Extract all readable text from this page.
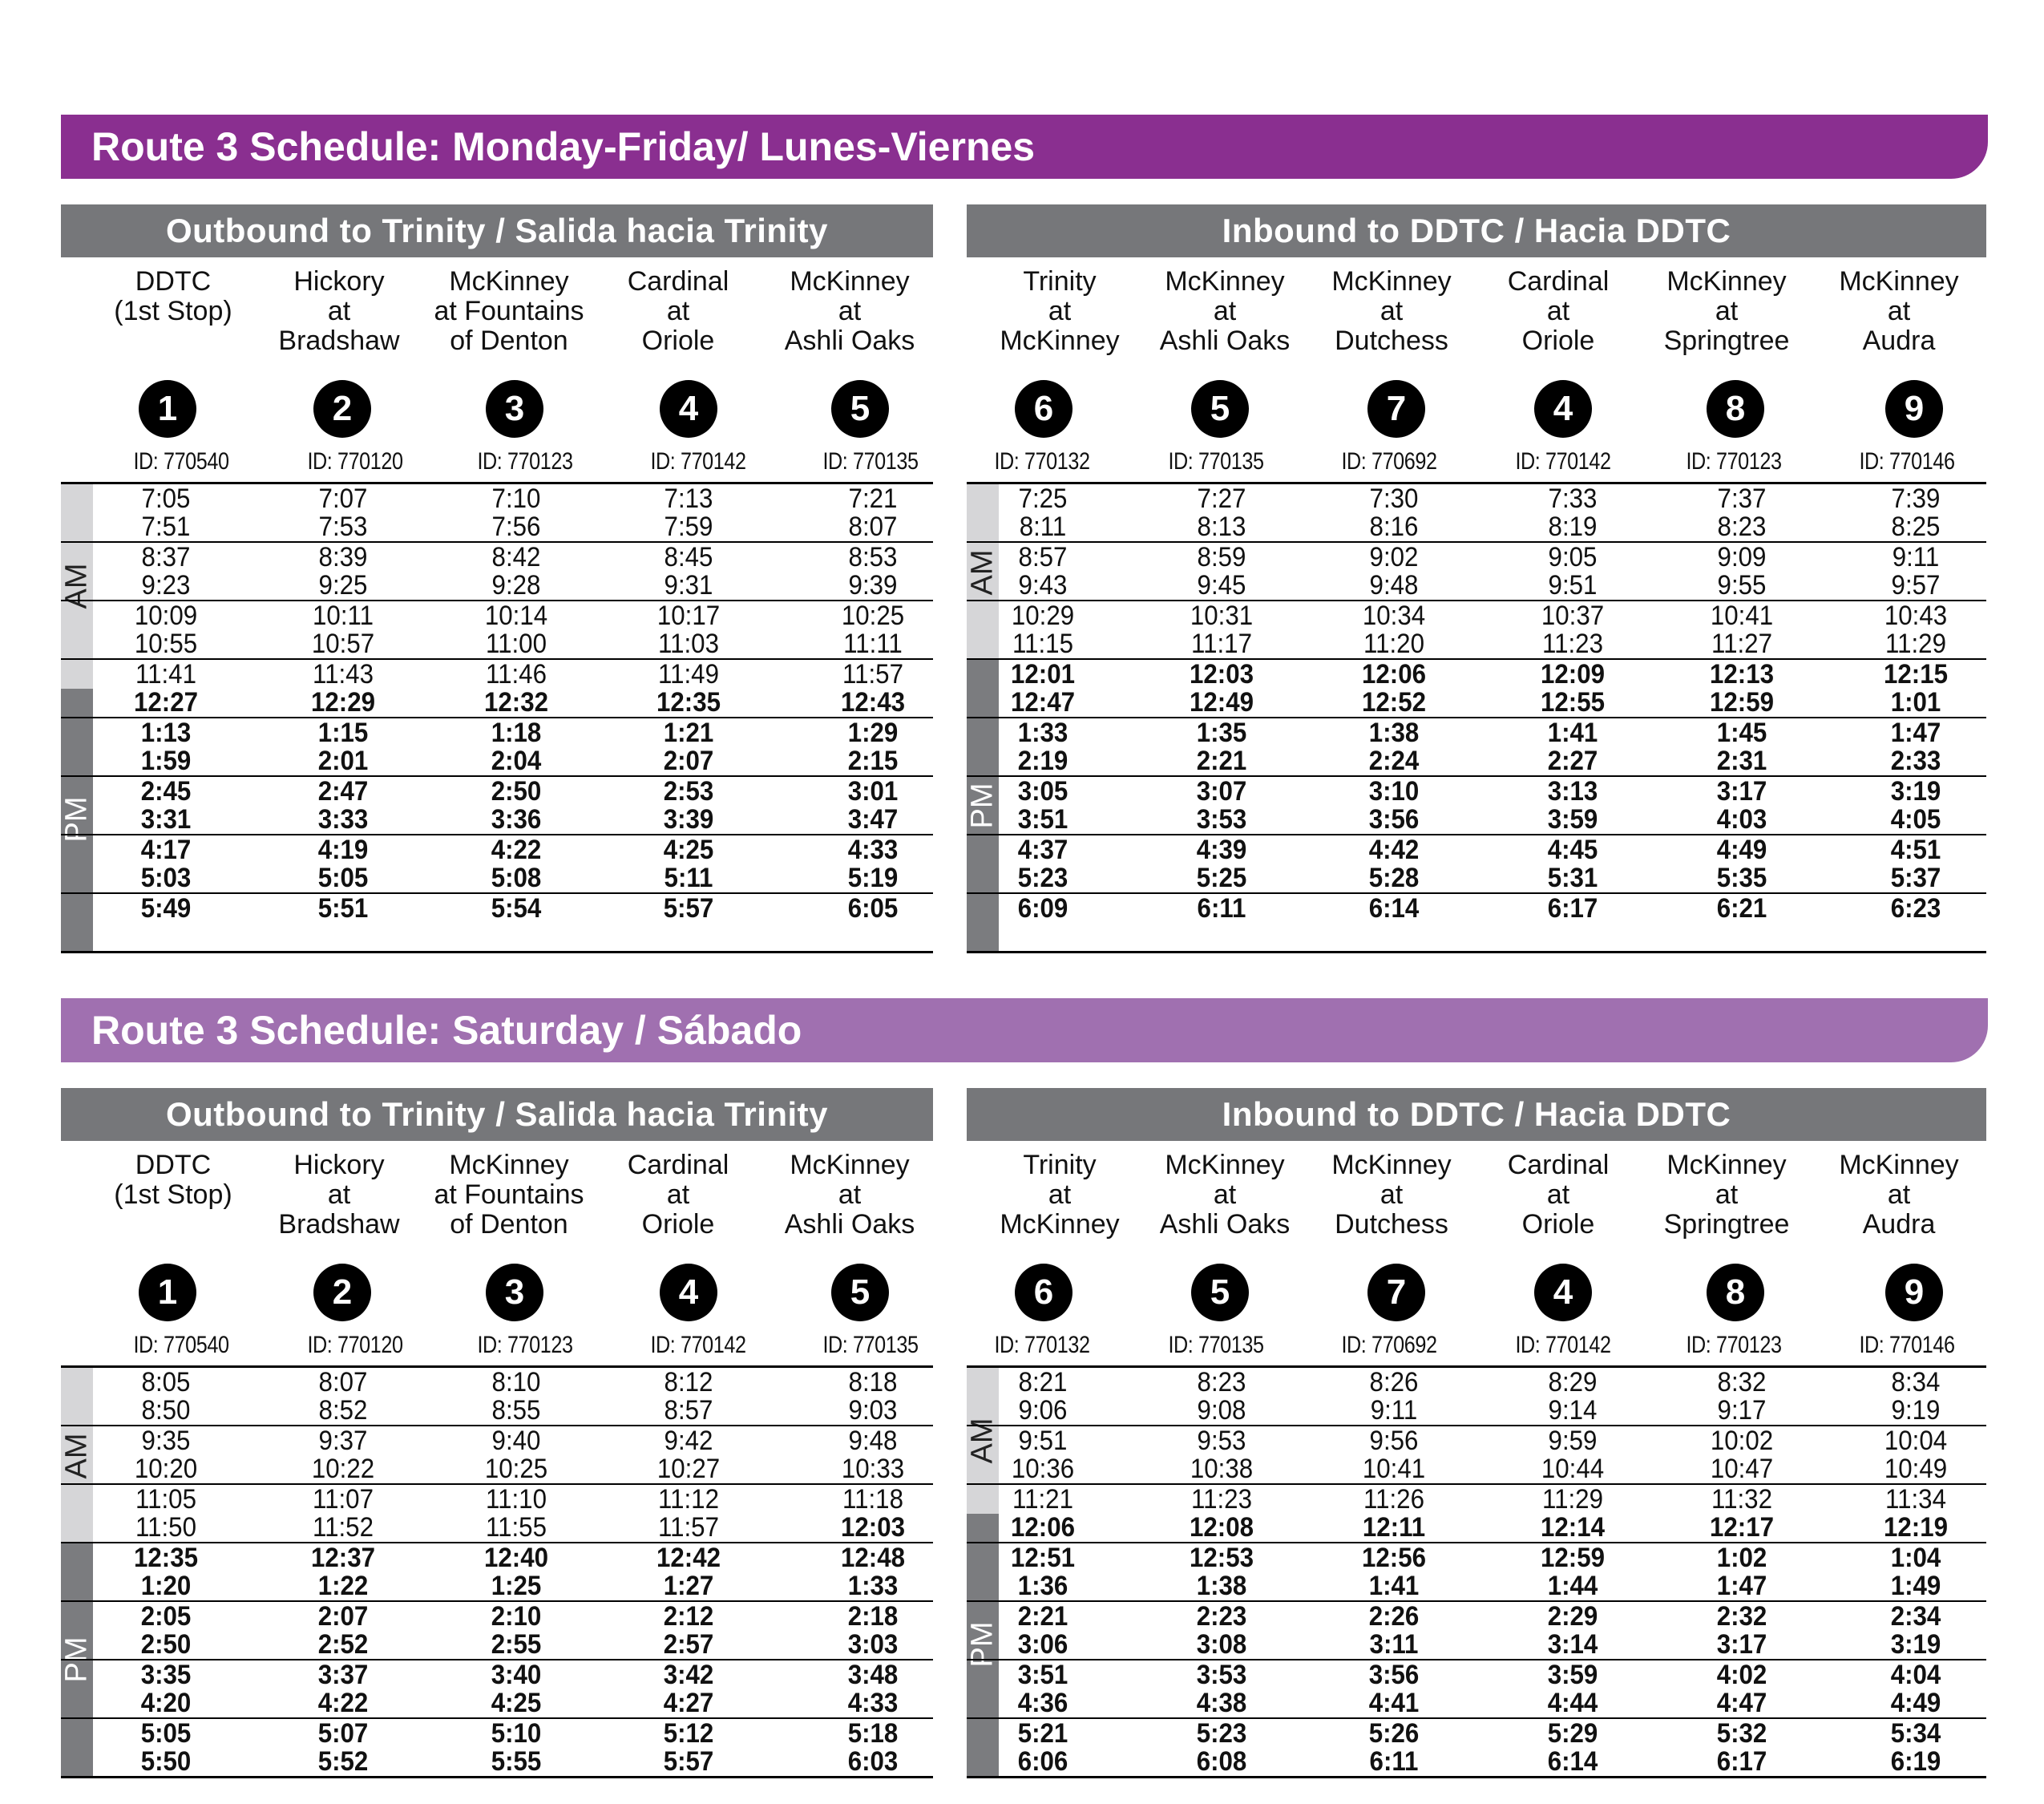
Route 3 Schedule: Monday-Friday/ Lunes-Viernes
Outbound to Trinity / Salida hacia Trinity
DDTC
(1st Stop)
1
Hickory
at
Bradshaw
2
McKinney
at Fountains
of Denton
3
Cardinal
at
Oriole
4
McKinney
at
Ashli Oaks
5
ID: 770540	ID: 770120	ID: 770123	ID: 770142	ID: 770135
AM
PM
7:05	7:07	7:10	7:13	7:21
7:51	7:53	7:56	7:59	8:07
8:37	8:39	8:42	8:45	8:53
9:23	9:25	9:28	9:31	9:39
10:09	10:11	10:14	10:17	10:25
10:55	10:57	11:00	11:03	11:11
11:41	11:43	11:46	11:49	11:57
12:27	12:29	12:32	12:35	12:43
1:13	1:15	1:18	1:21	1:29
1:59	2:01	2:04	2:07	2:15
2:45	2:47	2:50	2:53	3:01
3:31	3:33	3:36	3:39	3:47
4:17	4:19	4:22	4:25	4:33
5:03	5:05	5:08	5:11	5:19
5:49	5:51	5:54	5:57	6:05
Inbound to DDTC / Hacia DDTC
Trinity
at
McKinney
6
McKinney
at
Ashli Oaks
5
McKinney
at
Dutchess
7
Cardinal
at
Oriole
4
McKinney
at
Springtree
8
McKinney
at
Audra
9
ID: 770132	ID: 770135	ID: 770692	ID: 770142	ID: 770123	ID: 770146
AM
PM
7:25	7:27	7:30	7:33	7:37	7:39
8:11	8:13	8:16	8:19	8:23	8:25
8:57	8:59	9:02	9:05	9:09	9:11
9:43	9:45	9:48	9:51	9:55	9:57
10:29	10:31	10:34	10:37	10:41	10:43
11:15	11:17	11:20	11:23	11:27	11:29
12:01	12:03	12:06	12:09	12:13	12:15
12:47	12:49	12:52	12:55	12:59	1:01
1:33	1:35	1:38	1:41	1:45	1:47
2:19	2:21	2:24	2:27	2:31	2:33
3:05	3:07	3:10	3:13	3:17	3:19
3:51	3:53	3:56	3:59	4:03	4:05
4:37	4:39	4:42	4:45	4:49	4:51
5:23	5:25	5:28	5:31	5:35	5:37
6:09	6:11	6:14	6:17	6:21	6:23
Route 3 Schedule: Saturday / Sábado
Outbound to Trinity / Salida hacia Trinity
DDTC
(1st Stop)
1
Hickory
at
Bradshaw
2
McKinney
at Fountains
of Denton
3
Cardinal
at
Oriole
4
McKinney
at
Ashli Oaks
5
ID: 770540	ID: 770120	ID: 770123	ID: 770142	ID: 770135
AM
PM
8:05	8:07	8:10	8:12	8:18
8:50	8:52	8:55	8:57	9:03
9:35	9:37	9:40	9:42	9:48
10:20	10:22	10:25	10:27	10:33
11:05	11:07	11:10	11:12	11:18
11:50	11:52	11:55	11:57	12:03
12:35	12:37	12:40	12:42	12:48
1:20	1:22	1:25	1:27	1:33
2:05	2:07	2:10	2:12	2:18
2:50	2:52	2:55	2:57	3:03
3:35	3:37	3:40	3:42	3:48
4:20	4:22	4:25	4:27	4:33
5:05	5:07	5:10	5:12	5:18
5:50	5:52	5:55	5:57	6:03
Inbound to DDTC / Hacia DDTC
Trinity
at
McKinney
6
McKinney
at
Ashli Oaks
5
McKinney
at
Dutchess
7
Cardinal
at
Oriole
4
McKinney
at
Springtree
8
McKinney
at
Audra
9
ID: 770132	ID: 770135	ID: 770692	ID: 770142	ID: 770123	ID: 770146
AM
PM
8:21	8:23	8:26	8:29	8:32	8:34
9:06	9:08	9:11	9:14	9:17	9:19
9:51	9:53	9:56	9:59	10:02	10:04
10:36	10:38	10:41	10:44	10:47	10:49
11:21	11:23	11:26	11:29	11:32	11:34
12:06	12:08	12:11	12:14	12:17	12:19
12:51	12:53	12:56	12:59	1:02	1:04
1:36	1:38	1:41	1:44	1:47	1:49
2:21	2:23	2:26	2:29	2:32	2:34
3:06	3:08	3:11	3:14	3:17	3:19
3:51	3:53	3:56	3:59	4:02	4:04
4:36	4:38	4:41	4:44	4:47	4:49
5:21	5:23	5:26	5:29	5:32	5:34
6:06	6:08	6:11	6:14	6:17	6:19
